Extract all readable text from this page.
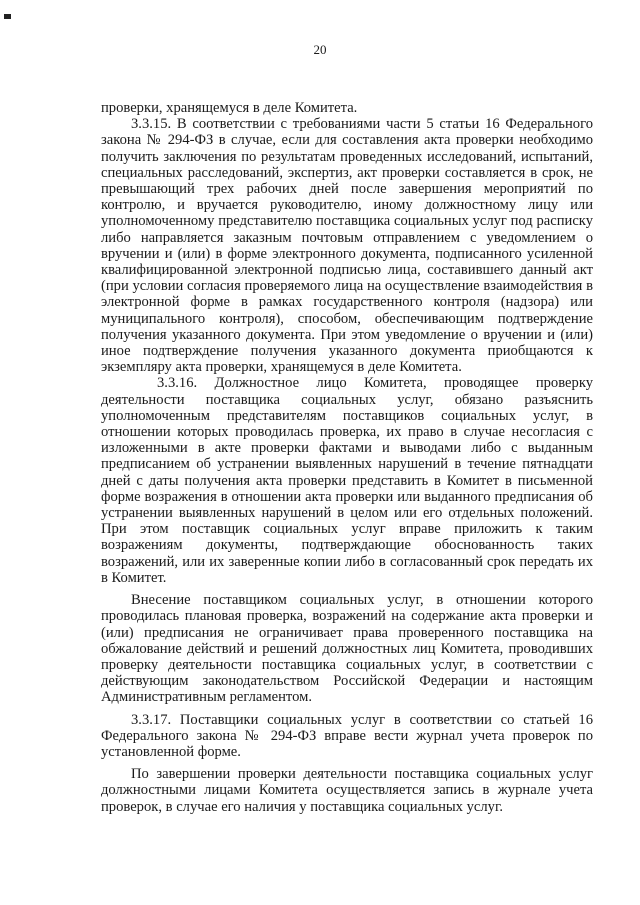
20

проверки, хранящемуся в деле Комитета.

3.3.15. В соответствии с требованиями части 5 статьи 16 Федерального закона № 294-ФЗ в случае, если для составления акта проверки необходимо получить заключения по результатам проведенных исследований, испытаний, специальных расследований, экспертиз, акт проверки составляется в срок, не превышающий трех рабочих дней после завершения мероприятий по контролю, и вручается руководителю, иному должностному лицу или уполномоченному представителю поставщика социальных услуг под расписку либо направляется заказным почтовым отправлением с уведомлением о вручении и (или) в форме электронного документа, подписанного усиленной квалифицированной электронной подписью лица, составившего данный акт (при условии согласия проверяемого лица на осуществление взаимодействия в электронной форме в рамках государственного контроля (надзора) или муниципального контроля), способом, обеспечивающим подтверждение получения указанного документа. При этом уведомление о вручении и (или) иное подтверждение получения указанного документа приобщаются к экземпляру акта проверки, хранящемуся в деле Комитета.

3.3.16. Должностное лицо Комитета, проводящее проверку деятельности поставщика социальных услуг, обязано разъяснить уполномоченным представителям поставщиков социальных услуг, в отношении которых проводилась проверка, их право в случае несогласия с изложенными в акте проверки фактами и выводами либо с выданным предписанием об устранении выявленных нарушений в течение пятнадцати дней с даты получения акта проверки представить в Комитет в письменной форме возражения в отношении акта проверки или выданного предписания об устранении выявленных нарушений в целом или его отдельных положений. При этом поставщик социальных услуг вправе приложить к таким возражениям документы, подтверждающие обоснованность таких возражений, или их заверенные копии либо в согласованный срок передать их в Комитет.

Внесение поставщиком социальных услуг, в отношении которого проводилась плановая проверка, возражений на содержание акта проверки и (или) предписания не ограничивает права проверенного поставщика на обжалование действий и решений должностных лиц Комитета, проводивших проверку деятельности поставщика социальных услуг, в соответствии с действующим законодательством Российской Федерации и настоящим Административным регламентом.

3.3.17. Поставщики социальных услуг в соответствии со статьей 16 Федерального закона № 294-ФЗ вправе вести журнал учета проверок по установленной форме.

По завершении проверки деятельности поставщика социальных услуг должностными лицами Комитета осуществляется запись в журнале учета проверок, в случае его наличия у поставщика социальных услуг.
